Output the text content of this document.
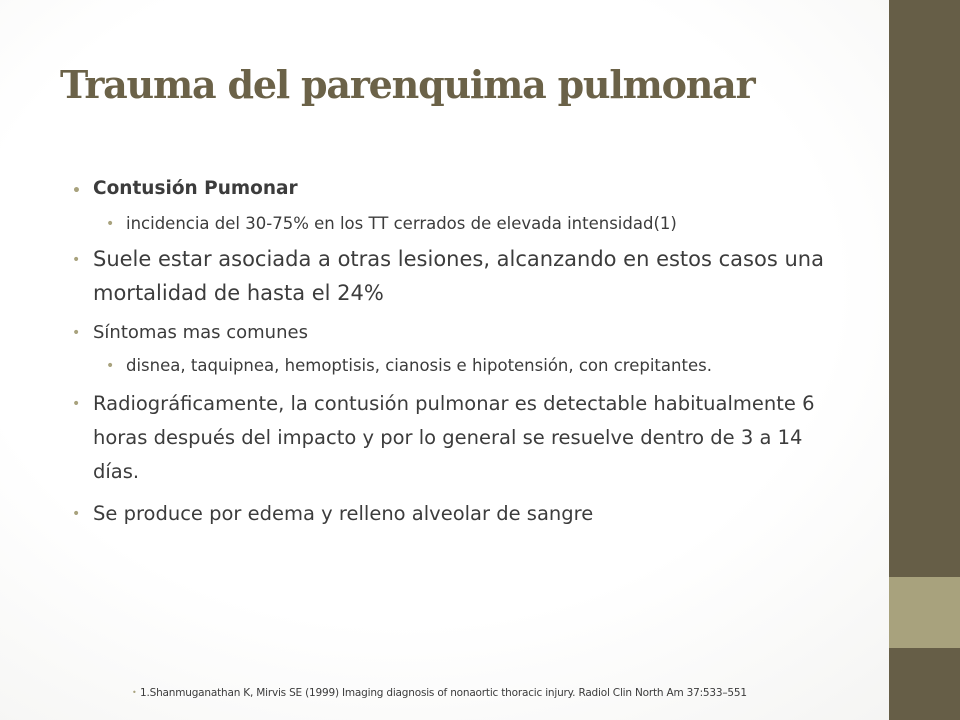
Trauma del parenquima pulmonar
• Contusión Pumonar
• incidencia del 30-75% en los TT cerrados de elevada intensidad(1)
• Suele estar asociada a otras lesiones, alcanzando en estos casos una mortalidad de hasta el 24%
• Síntomas mas comunes
• disnea, taquipnea, hemoptisis, cianosis e hipotensión, con crepitantes.
• Radiográficamente, la contusión pulmonar es detectable habitualmente 6 horas después del impacto y por lo general se resuelve dentro de 3 a 14 días.
• Se produce por edema y relleno alveolar de sangre
• 1.Shanmuganathan K, Mirvis SE (1999) Imaging diagnosis of nonaortic thoracic injury. Radiol Clin North Am 37:533–551
